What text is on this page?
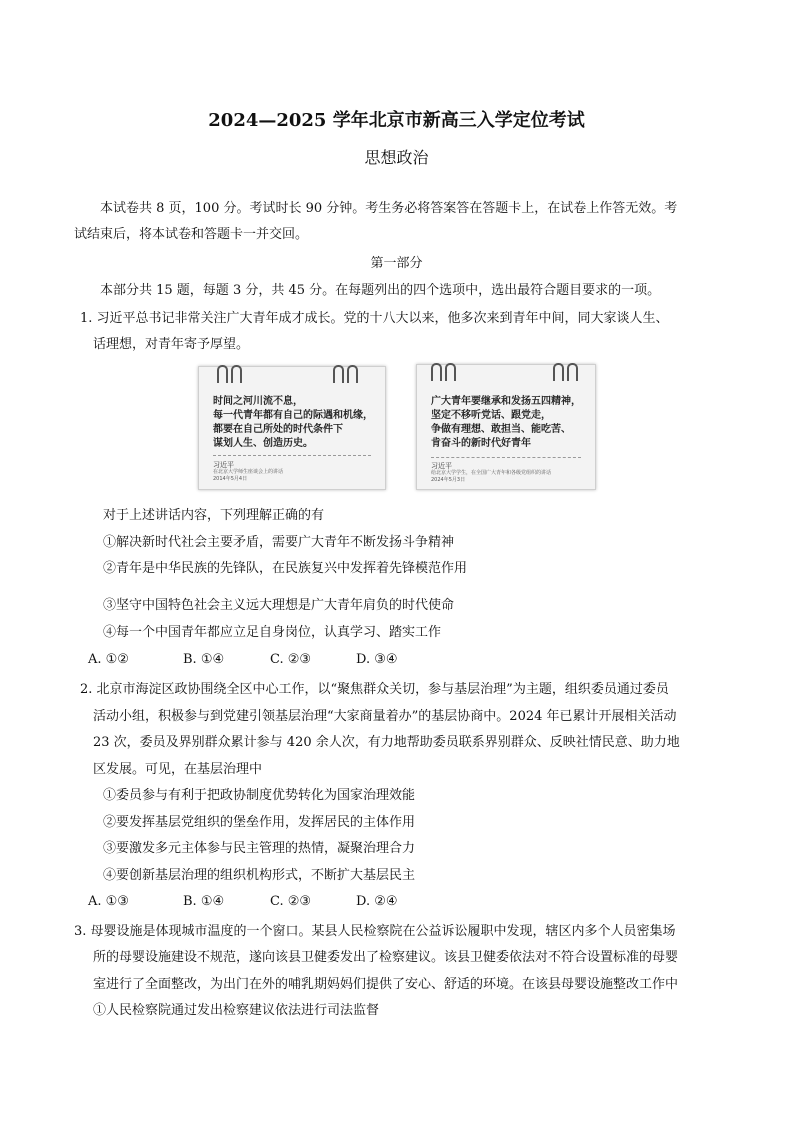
2024—2025 学年北京市新高三入学定位考试
思想政治
本试卷共 8 页，100 分。考试时长 90 分钟。考生务必将答案答在答题卡上，在试卷上作答无效。考
试结束后，将本试卷和答题卡一并交回。
第一部分
本部分共 15 题，每题 3 分，共 45 分。在每题列出的四个选项中，选出最符合题目要求的一项。
1. 习近平总书记非常关注广大青年成才成长。党的十八大以来，他多次来到青年中间，同大家谈人生、
话理想，对青年寄予厚望。
时间之河川流不息，
每一代青年都有自己的际遇和机缘，
都要在自己所处的时代条件下
谋划人生、创造历史。
习近平
在北京大学师生座谈会上的讲话
2014年5月4日
广大青年要继承和发扬五四精神，
坚定不移听党话、跟党走，
争做有理想、敢担当、能吃苦、
肯奋斗的新时代好青年
习近平
给北京大学学生，在全国广大青年和各级党组织的讲话
2024年5月3日
对于上述讲话内容，下列理解正确的有
①解决新时代社会主要矛盾，需要广大青年不断发扬斗争精神
②青年是中华民族的先锋队，在民族复兴中发挥着先锋模范作用
③坚守中国特色社会主义远大理想是广大青年肩负的时代使命
④每一个中国青年都应立足自身岗位，认真学习、踏实工作
A. ①②	B. ①④	C. ②③	D. ③④
2. 北京市海淀区政协围绕全区中心工作，以“聚焦群众关切，参与基层治理”为主题，组织委员通过委员
活动小组，积极参与到党建引领基层治理“大家商量着办”的基层协商中。2024 年已累计开展相关活动
23 次，委员及界别群众累计参与 420 余人次，有力地帮助委员联系界别群众、反映社情民意、助力地
区发展。可见，在基层治理中
①委员参与有利于把政协制度优势转化为国家治理效能
②要发挥基层党组织的堡垒作用，发挥居民的主体作用
③要激发多元主体参与民主管理的热情，凝聚治理合力
④要创新基层治理的组织机构形式，不断扩大基层民主
A. ①③	B. ①④	C. ②③	D. ②④
3. 母婴设施是体现城市温度的一个窗口。某县人民检察院在公益诉讼履职中发现，辖区内多个人员密集场
所的母婴设施建设不规范，遂向该县卫健委发出了检察建议。该县卫健委依法对不符合设置标准的母婴
室进行了全面整改，为出门在外的哺乳期妈妈们提供了安心、舒适的环境。在该县母婴设施整改工作中
①人民检察院通过发出检察建议依法进行司法监督
